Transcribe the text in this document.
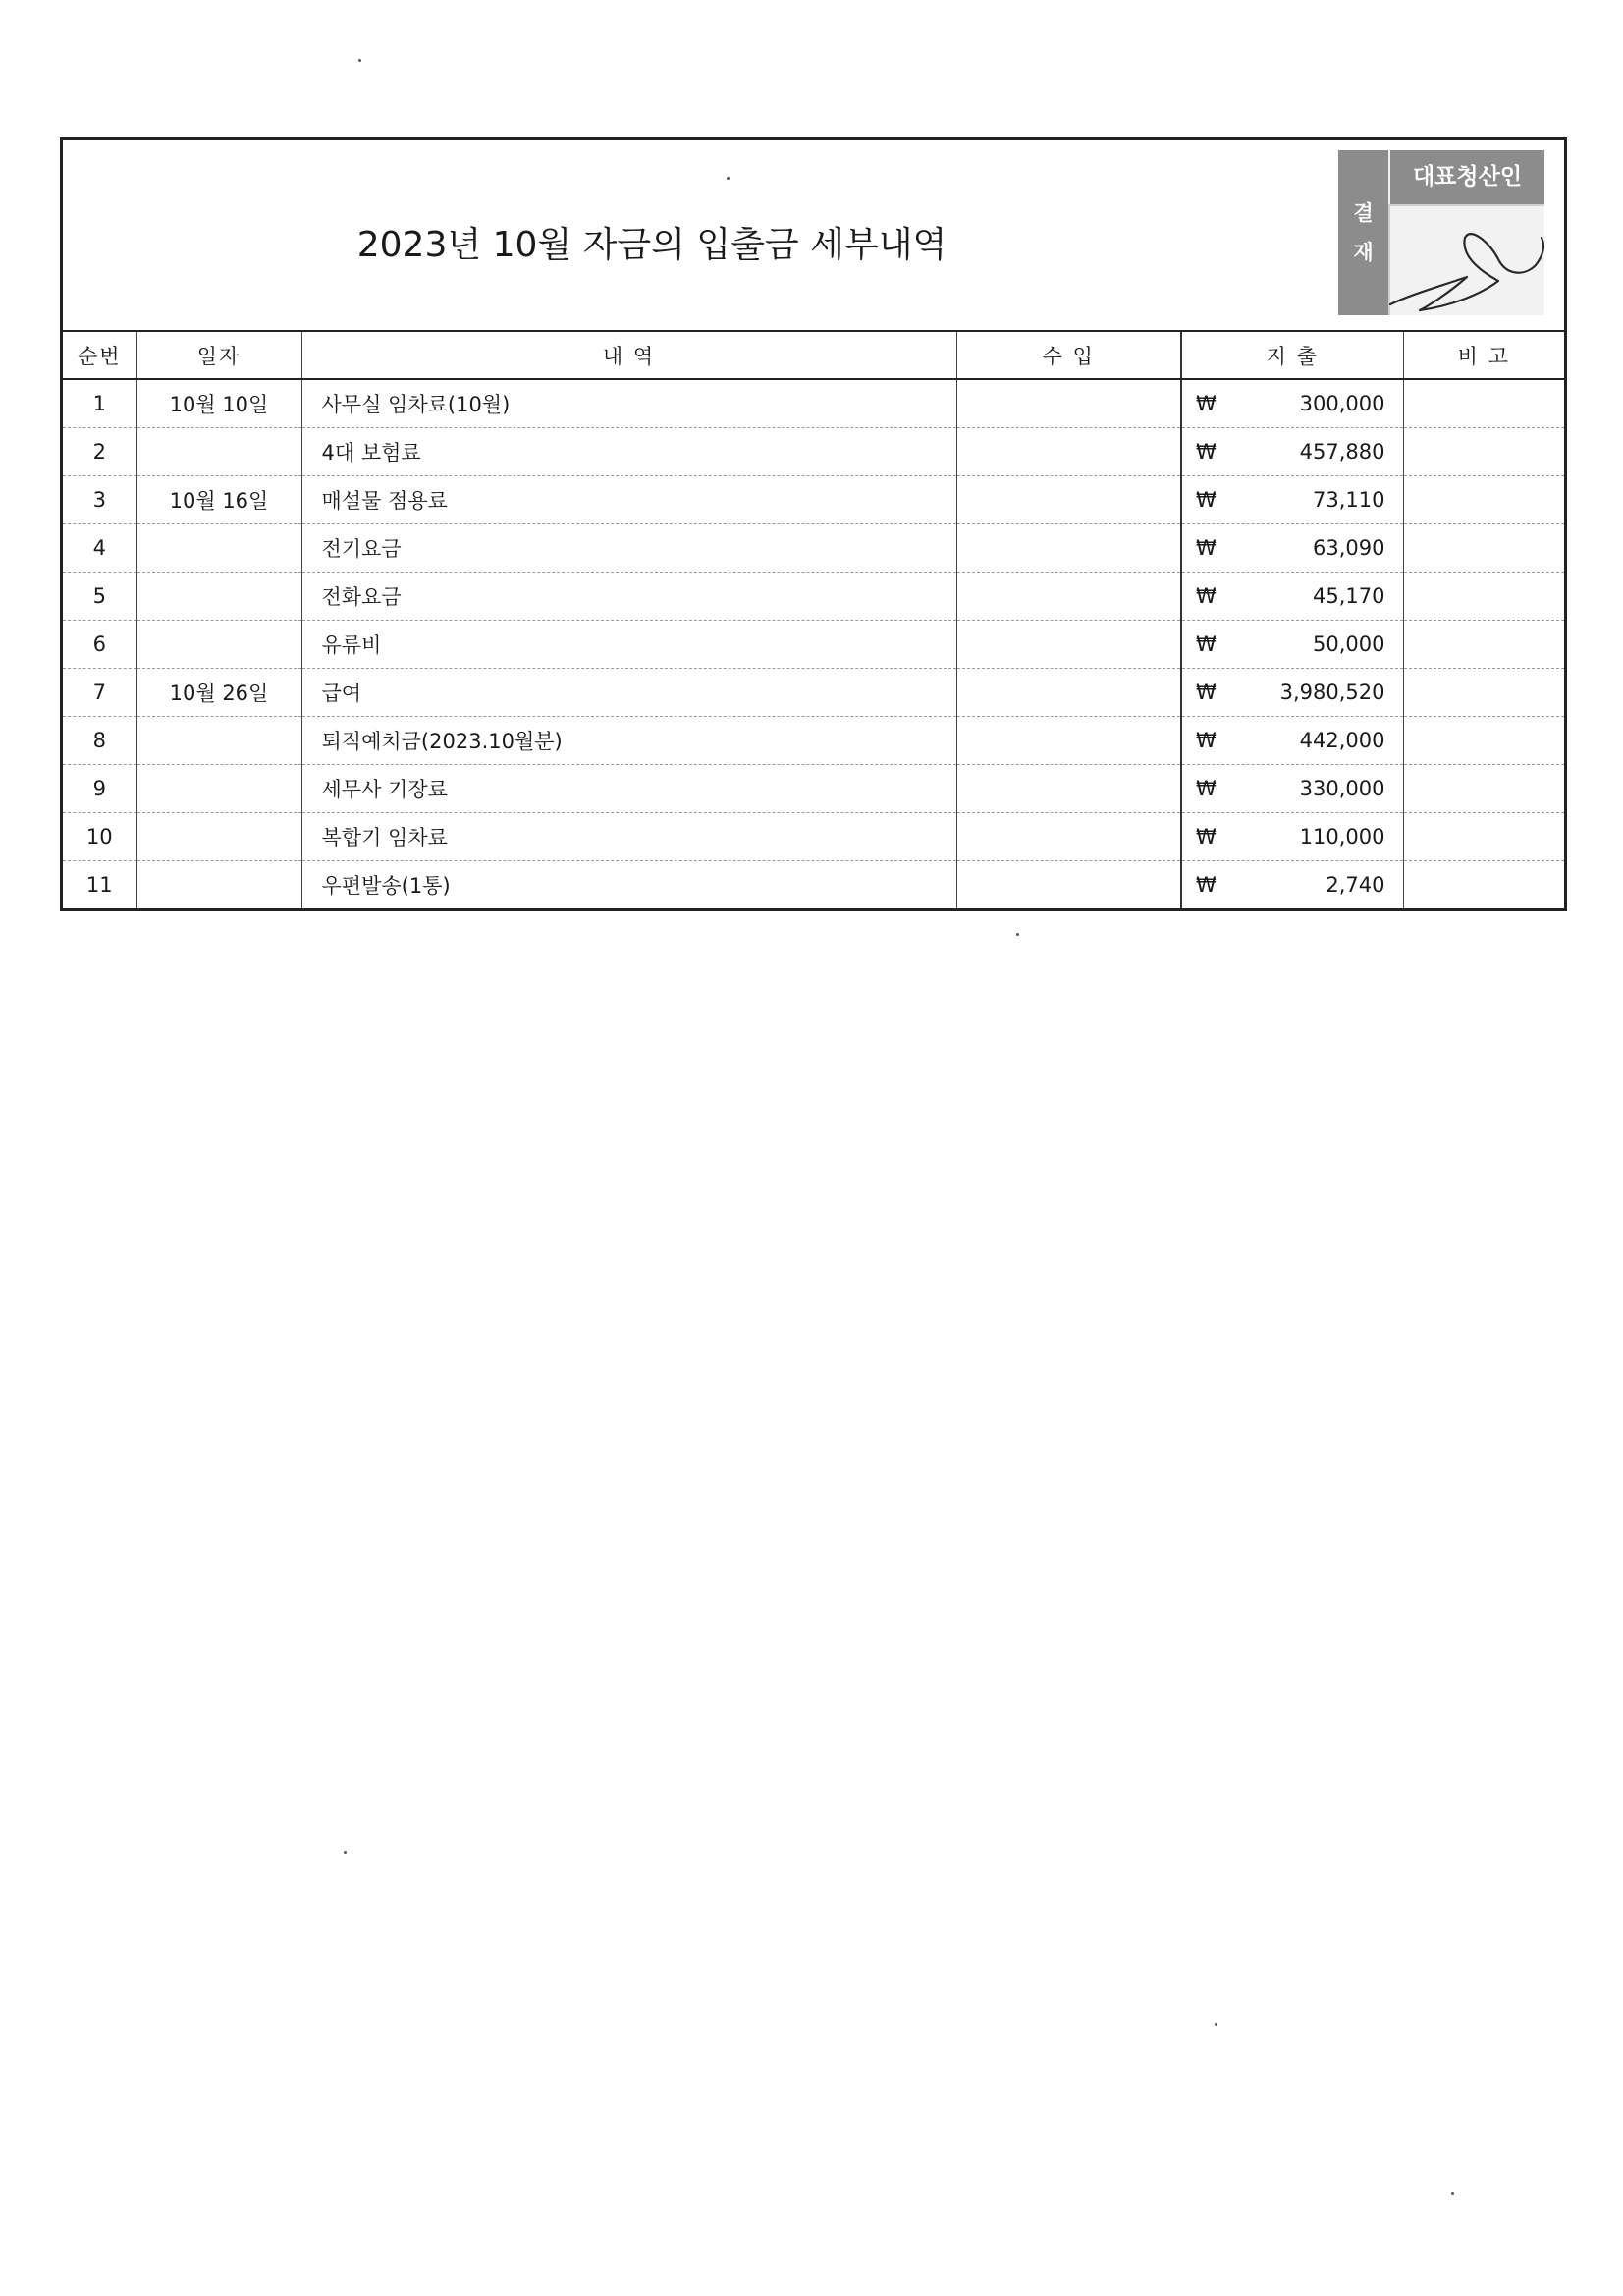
2023년 10월 자금의 입출금 세부내역
결
재
대표청산인
순번	일자	내 역	수 입	지 출	비 고
1	10월 10일	사무실 임차료(10월)		₩ 300,000	

2		4대 보험료		₩ 457,880	

3	10월 16일	매설물 점용료		₩ 73,110	

4		전기요금		₩ 63,090	

5		전화요금		₩ 45,170	

6		유류비		₩ 50,000	

7	10월 26일	급여		₩ 3,980,520	

8		퇴직예치금(2023.10월분)		₩ 442,000	

9		세무사 기장료		₩ 330,000	

10		복합기 임차료		₩ 110,000	

11		우편발송(1통)		₩ 2,740	
